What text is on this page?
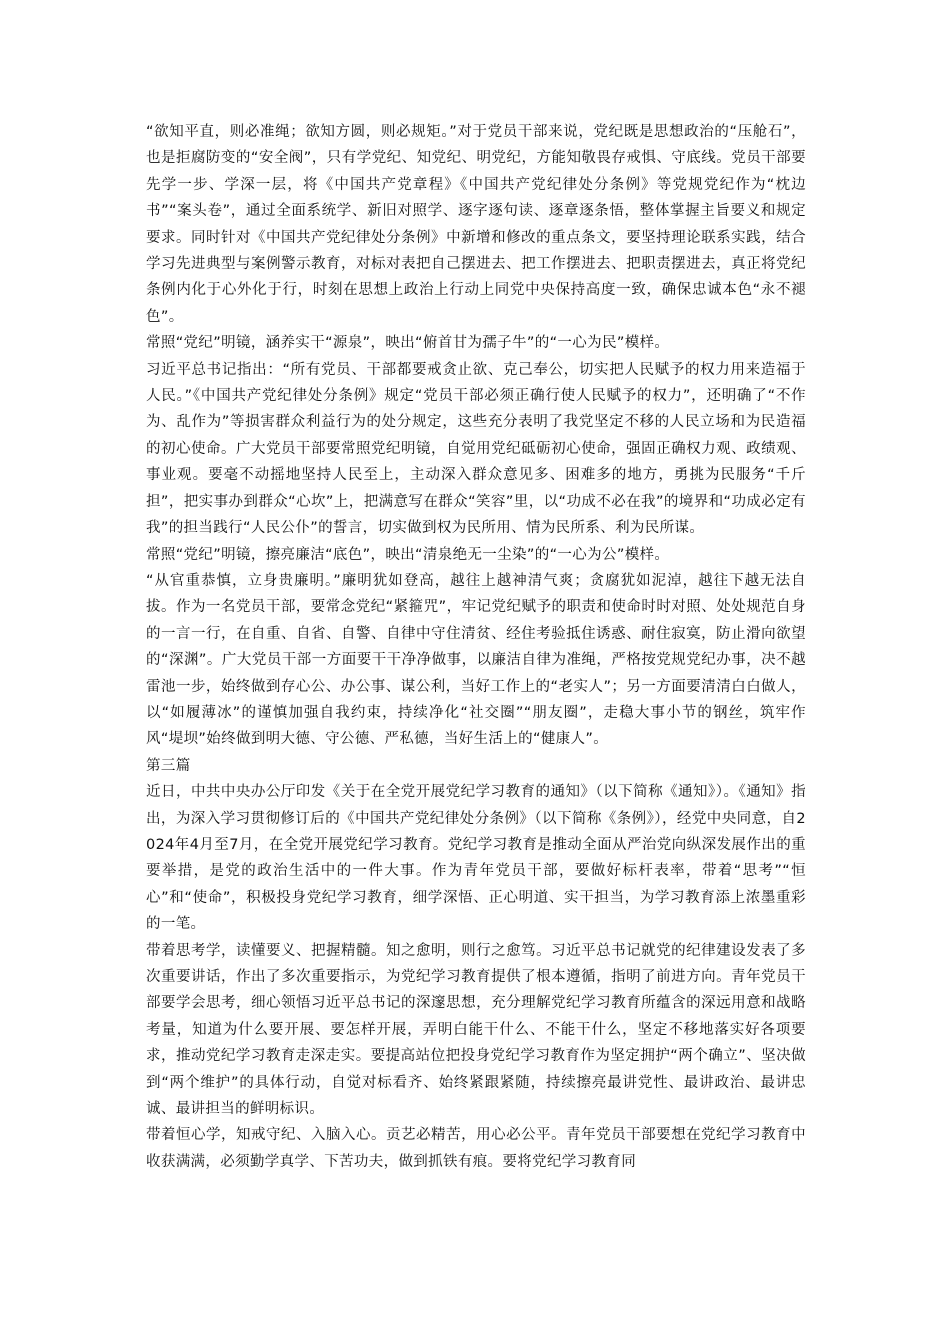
“欲知平直，则必准绳；欲知方圆，则必规矩。”对于党员干部来说，党纪既是思想政治的“压舱石”，也是拒腐防变的“安全阀”，只有学党纪、知党纪、明党纪，方能知敬畏存戒惧、守底线。党员干部要先学一步、学深一层，将《中国共产党章程》《中国共产党纪律处分条例》等党规党纪作为“枕边书”“案头卷”，通过全面系统学、新旧对照学、逐字逐句读、逐章逐条悟，整体掌握主旨要义和规定要求。同时针对《中国共产党纪律处分条例》中新增和修改的重点条文，要坚持理论联系实践，结合学习先进典型与案例警示教育，对标对表把自己摆进去、把工作摆进去、把职责摆进去，真正将党纪条例内化于心外化于行，时刻在思想上政治上行动上同党中央保持高度一致，确保忠诚本色“永不褪色”。

常照“党纪”明镜，涵养实干“源泉”，映出“俯首甘为孺子牛”的“一心为民”模样。

习近平总书记指出：“所有党员、干部都要戒贪止欲、克己奉公，切实把人民赋予的权力用来造福于人民。”《中国共产党纪律处分条例》规定“党员干部必须正确行使人民赋予的权力”，还明确了“不作为、乱作为”等损害群众利益行为的处分规定，这些充分表明了我党坚定不移的人民立场和为民造福的初心使命。广大党员干部要常照党纪明镜，自觉用党纪砥砺初心使命，强固正确权力观、政绩观、事业观。要毫不动摇地坚持人民至上，主动深入群众意见多、困难多的地方，勇挑为民服务“千斤担”，把实事办到群众“心坎”上，把满意写在群众“笑容”里，以“功成不必在我”的境界和“功成必定有我”的担当践行“人民公仆”的誓言，切实做到权为民所用、情为民所系、利为民所谋。

常照“党纪”明镜，擦亮廉洁“底色”，映出“清泉绝无一尘染”的“一心为公”模样。

“从官重恭慎，立身贵廉明。”廉明犹如登高，越往上越神清气爽；贪腐犹如泥淖，越往下越无法自拔。作为一名党员干部，要常念党纪“紧箍咒”，牢记党纪赋予的职责和使命时时对照、处处规范自身的一言一行，在自重、自省、自警、自律中守住清贫、经住考验抵住诱惑、耐住寂寞，防止滑向欲望的“深渊”。广大党员干部一方面要干干净净做事，以廉洁自律为准绳，严格按党规党纪办事，决不越雷池一步，始终做到存心公、办公事、谋公利，当好工作上的“老实人”；另一方面要清清白白做人，以“如履薄冰”的谨慎加强自我约束，持续净化“社交圈”“朋友圈”，走稳大事小节的钢丝，筑牢作风“堤坝”始终做到明大德、守公德、严私德，当好生活上的“健康人”。

第三篇

近日，中共中央办公厅印发《关于在全党开展党纪学习教育的通知》（以下简称《通知》）。《通知》指出，为深入学习贯彻修订后的《中国共产党纪律处分条例》（以下简称《条例》），经党中央同意，自2024年4月至7月，在全党开展党纪学习教育。党纪学习教育是推动全面从严治党向纵深发展作出的重要举措，是党的政治生活中的一件大事。作为青年党员干部，要做好标杆表率，带着“思考”“恒心”和“使命”，积极投身党纪学习教育，细学深悟、正心明道、实干担当，为学习教育添上浓墨重彩的一笔。

带着思考学，读懂要义、把握精髓。知之愈明，则行之愈笃。习近平总书记就党的纪律建设发表了多次重要讲话，作出了多次重要指示，为党纪学习教育提供了根本遵循，指明了前进方向。青年党员干部要学会思考，细心领悟习近平总书记的深邃思想，充分理解党纪学习教育所蕴含的深远用意和战略考量，知道为什么要开展、要怎样开展，弄明白能干什么、不能干什么，坚定不移地落实好各项要求，推动党纪学习教育走深走实。要提高站位把投身党纪学习教育作为坚定拥护“两个确立”、坚决做到“两个维护”的具体行动，自觉对标看齐、始终紧跟紧随，持续擦亮最讲党性、最讲政治、最讲忠诚、最讲担当的鲜明标识。

带着恒心学，知戒守纪、入脑入心。贡艺必精苦，用心必公平。青年党员干部要想在党纪学习教育中收获满满，必须勤学真学、下苦功夫，做到抓铁有痕。要将党纪学习教育同
